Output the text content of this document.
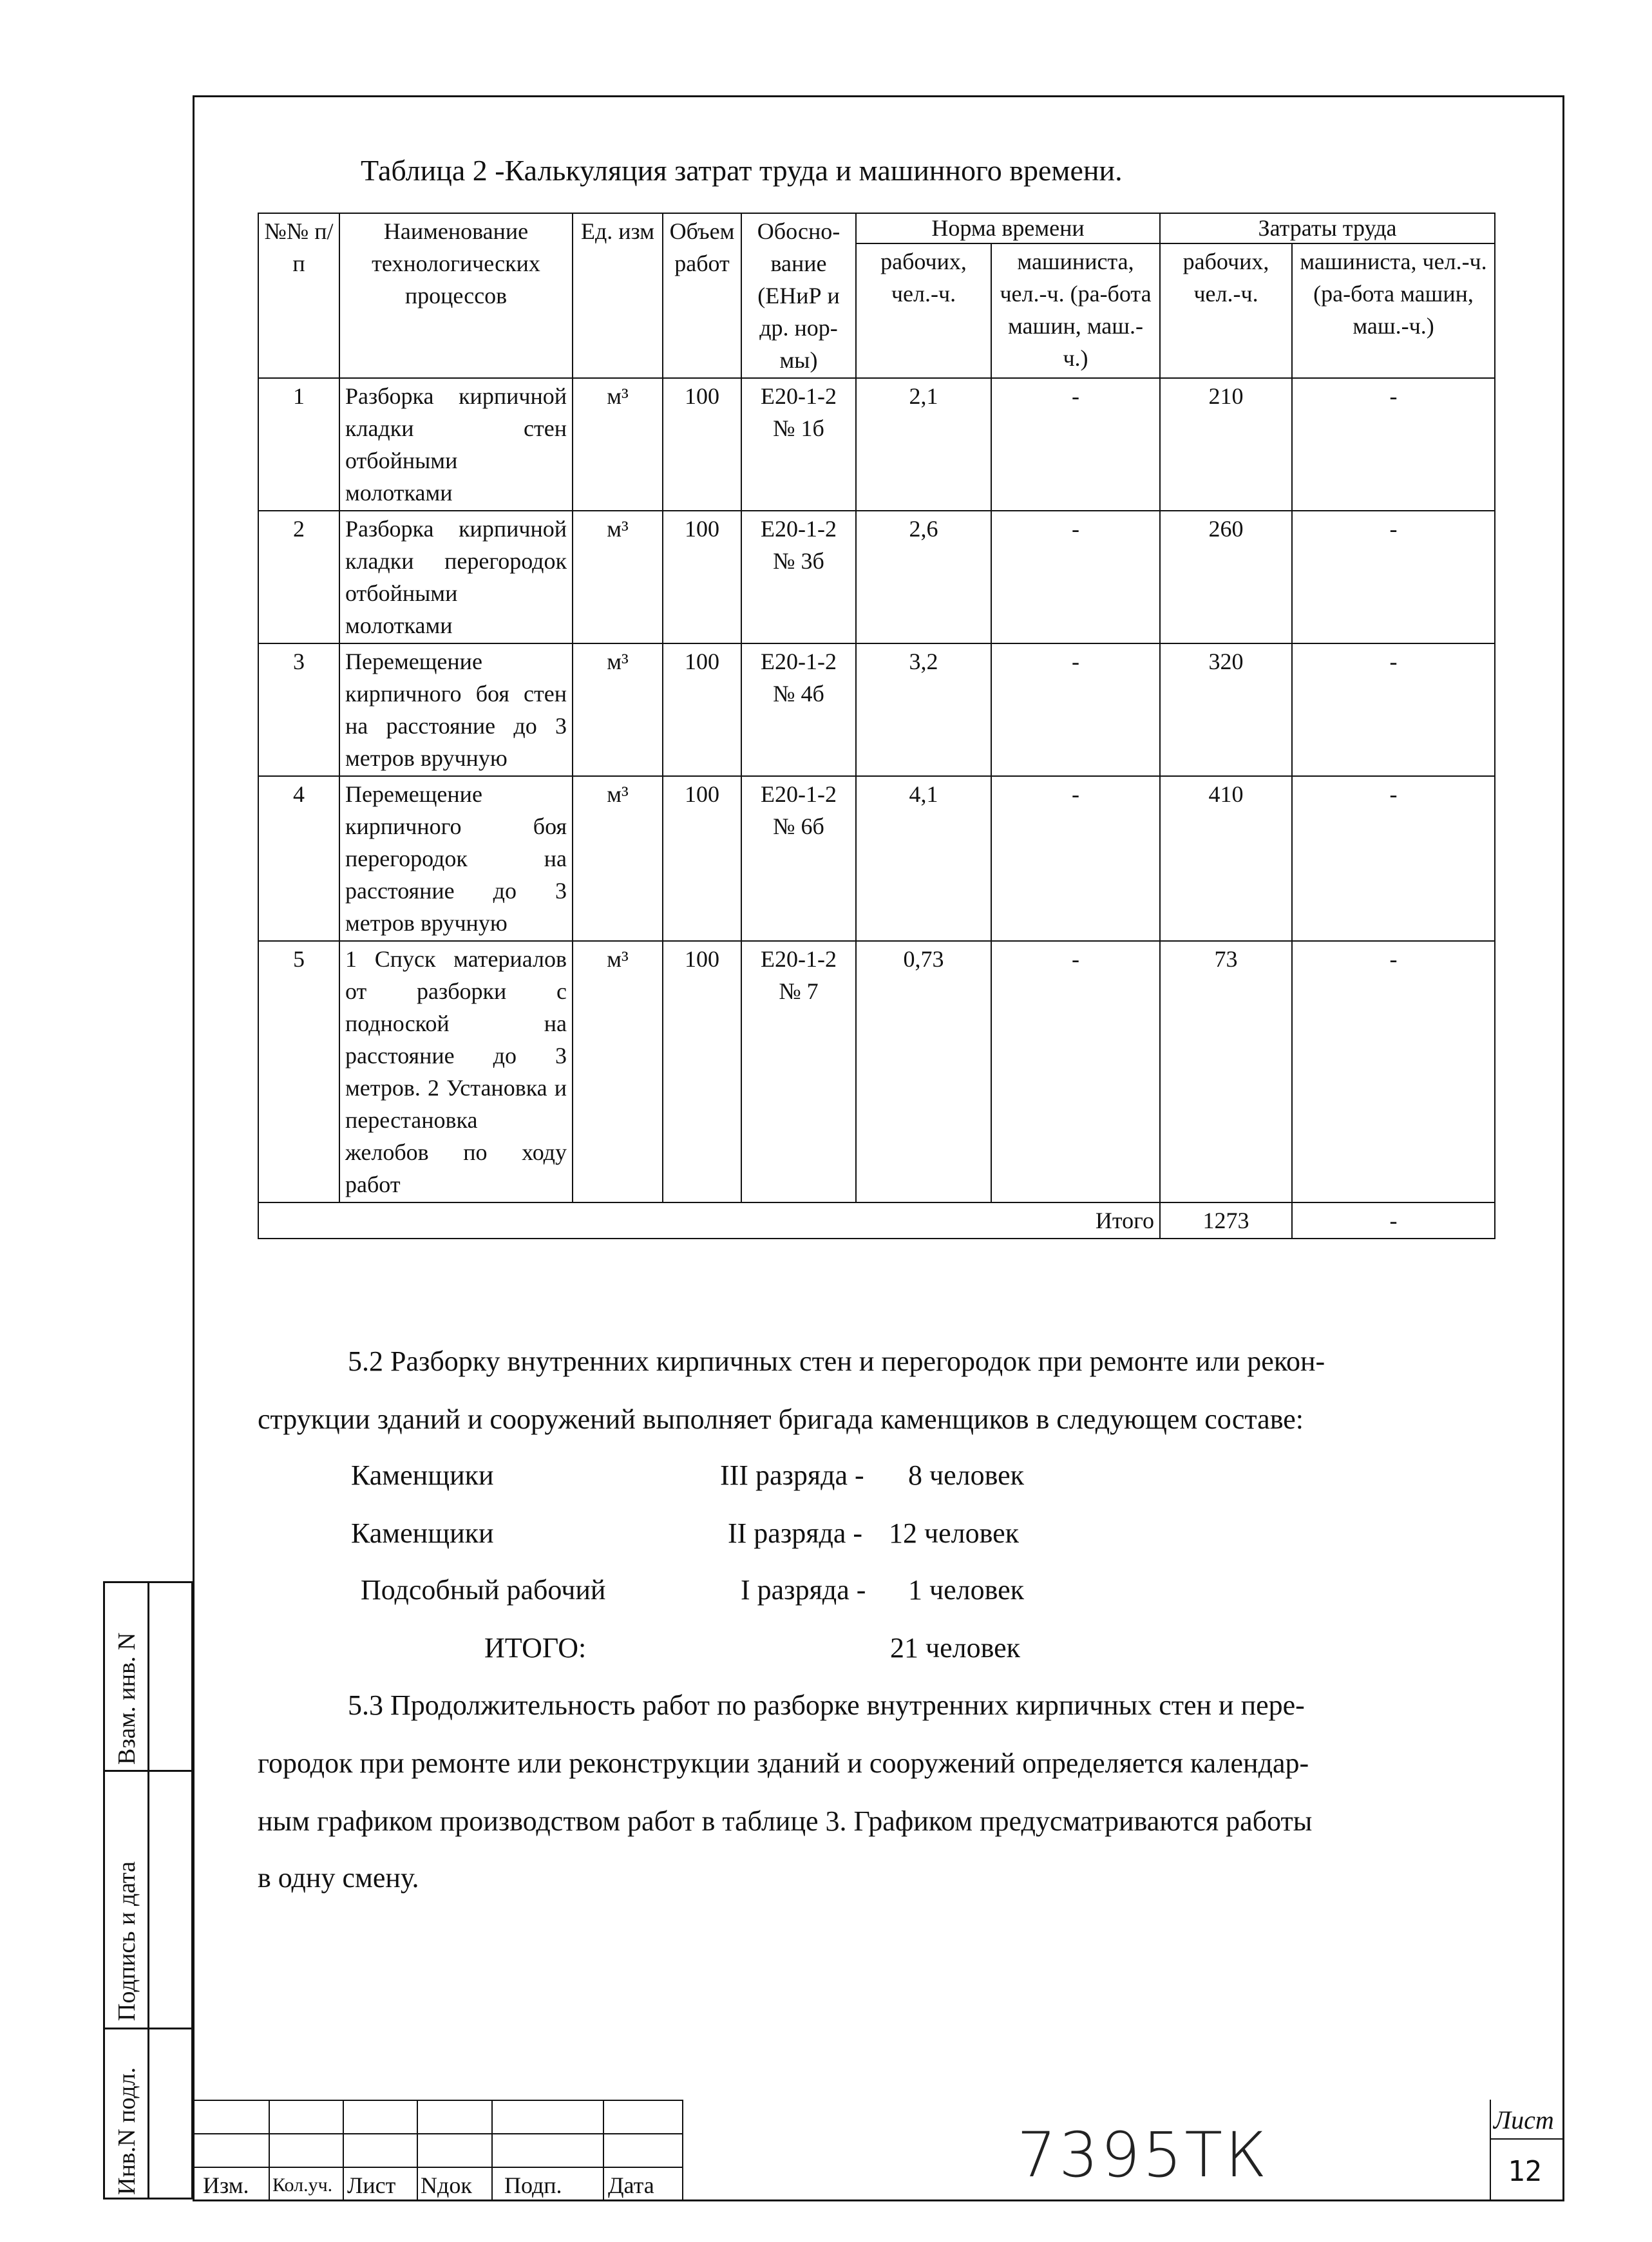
Таблица 2 -Калькуляция затрат труда и машинного времени.
№№ п/п	Наименование технологических процессов	Ед. изм	Объем работ	Обосно-вание (ЕНиР и др. нор-мы)	Норма времени		Затраты труда	
					рабочих, чел.-ч.	машиниста, чел.-ч. (ра-бота машин, маш.-ч.)	рабочих, чел.-ч.	машиниста, чел.-ч. (ра-бота машин, маш.-ч.)
1	Разборка кирпичной кладки стен отбойными молотками	м³	100	Е20-1-2 № 1б	2,1	-	210	-
2	Разборка кирпичной кладки перегородок отбойными молотками	м³	100	Е20-1-2 № 3б	2,6	-	260	-
3	Перемещение кирпичного боя стен на расстояние до 3 метров вручную	м³	100	Е20-1-2 № 4б	3,2	-	320	-
4	Перемещение кирпичного боя перегородок на расстояние до 3 метров вручную	м³	100	Е20-1-2 № 6б	4,1	-	410	-
5	1 Спуск материалов от разборки с подноской на расстояние до 3 метров. 2 Установка и перестановка желобов по ходу работ	м³	100	Е20-1-2 № 7	0,73	-	73	-
Итого							1273	-
5.2 Разборку внутренних кирпичных стен и перегородок при ремонте или рекон-
струкции зданий и сооружений выполняет бригада каменщиков в следующем составе:
Каменщики	III разряда - 8 человек
Каменщики	II разряда - 12 человек
Подсобный рабочий	I разряда - 1 человек
ИТОГО:	21 человек
5.3 Продолжительность работ по разборке внутренних кирпичных стен и пере-
городок при ремонте или реконструкции зданий и сооружений определяется календар-
ным графиком производством работ в таблице 3. Графиком предусматриваются работы
в одну смену.
Взам. инв. N
Подпись и дата
Инв.N подл.	Изм. Кол.уч. Лист Nдок Подп. Дата	7395ТК	Лист
12
